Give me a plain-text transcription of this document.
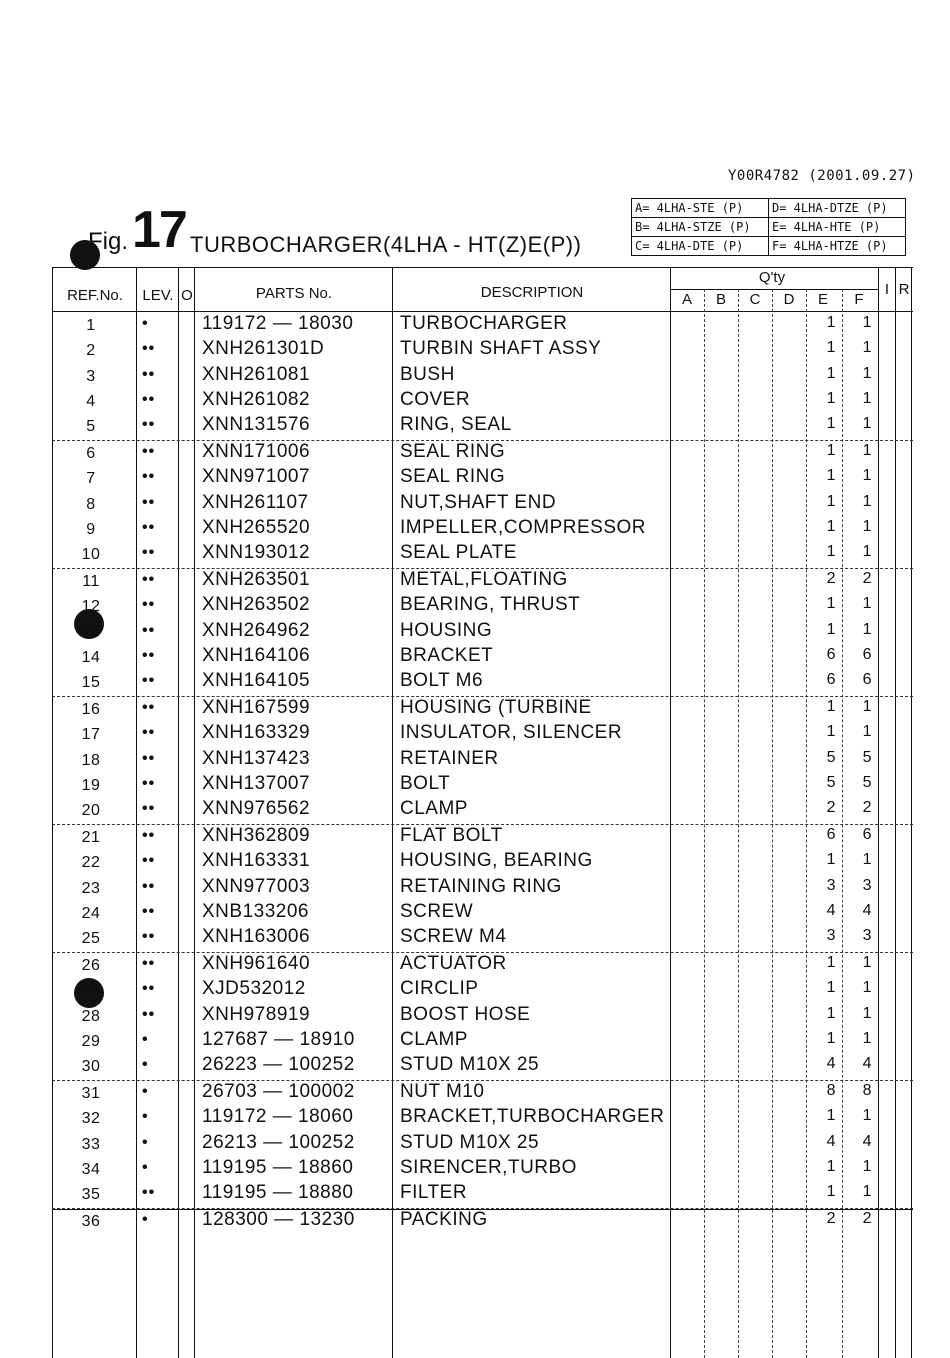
Y00R4782 (2001.09.27)
Fig. 17 TURBOCHARGER(4LHA - HT(Z)E(P))
A= 4LHA-STE (P)	D= 4LHA-DTZE (P)
B= 4LHA-STZE (P)	E= 4LHA-HTE (P)
C= 4LHA-DTE (P)	F= 4LHA-HTZE (P)
REF.No.	LEV. O	PARTS No.	DESCRIPTION
Q'ty
I R
A	B	C	D	E	F
1	•	119172 — 18030 TURBOCHARGER	1	1
2	•• XNH261301D	TURBIN SHAFT ASSY	1	1
3	•• XNH261081	BUSH	1	1
4	•• XNH261082	COVER	1	1
5	•• XNN131576	RING, SEAL	1	1
6	•• XNN171006	SEAL RING	1	1
7	•• XNN971007	SEAL RING	1	1
8	•• XNH261107	NUT,SHAFT END	1	1
9	•• XNH265520	IMPELLER,COMPRESSOR	1	1
10	•• XNN193012	SEAL PLATE	1	1
11	•• XNH263501	METAL,FLOATING	2	2
12	•• XNH263502	BEARING, THRUST	1	1
13	•• XNH264962	HOUSING	1	1
14	•• XNH164106	BRACKET	6	6
15	•• XNH164105	BOLT M6	6	6
16	•• XNH167599	HOUSING (TURBINE	1	1
17	•• XNH163329	INSULATOR, SILENCER	1	1
18	•• XNH137423	RETAINER	5	5
19	•• XNH137007	BOLT	5	5
20	•• XNN976562	CLAMP	2	2
21	•• XNH362809	FLAT BOLT	6	6
22	•• XNH163331	HOUSING, BEARING	1	1
23	•• XNN977003	RETAINING RING	3	3
24	•• XNB133206	SCREW	4	4
25	•• XNH163006	SCREW M4	3	3
26	•• XNH961640	ACTUATOR	1	1
27	•• XJD532012	CIRCLIP	1	1
28	•• XNH978919	BOOST HOSE	1	1
29	•	127687 — 18910 CLAMP	1	1
30	•	26223 — 100252 STUD M10X 25	4	4
31	•	26703 — 100002 NUT M10	8	8
32	•	119172 — 18060 BRACKET,TURBOCHARGER	1	1
33	•	26213 — 100252 STUD M10X 25	4	4
34	•	119195 — 18860 SIRENCER,TURBO	1	1
35	•• 119195 — 18880 FILTER	1	1
36	•	128300 — 13230 PACKING	2	2
